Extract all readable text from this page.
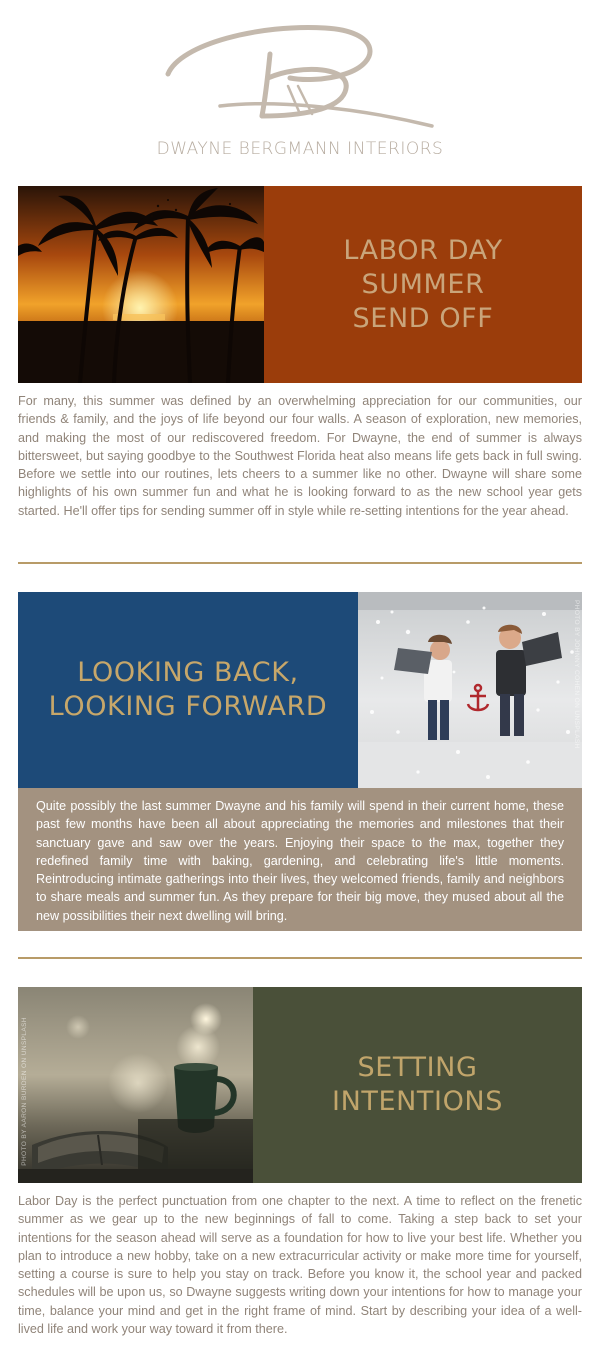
DWAYNE BERGMANN INTERIORS
LABOR DAY
SUMMER
SEND OFF
For many, this summer was defined by an overwhelming appreciation for our communities, our friends & family, and the joys of life beyond our four walls. A season of exploration, new memories, and making the most of our rediscovered freedom. For Dwayne, the end of summer is always bittersweet, but saying goodbye to the Southwest Florida heat also means life gets back in full swing. Before we settle into our routines, lets cheers to a summer like no other. Dwayne will share some highlights of his own summer fun and what he is looking forward to as the new school year gets started. He'll offer tips for sending summer off in style while re-setting intentions for the year ahead.
LOOKING BACK,
LOOKING FORWARD	PHOTO BY JOHNNY COHEN ON UNSPLASH
Quite possibly the last summer Dwayne and his family will spend in their current home, these past few months have been all about appreciating the memories and milestones that their sanctuary gave and saw over the years. Enjoying their space to the max, together they redefined family time with baking, gardening, and celebrating life's little moments. Reintroducing intimate gatherings into their lives, they welcomed friends, family and neighbors to share meals and summer fun. As they prepare for their big move, they mused about all the new possibilities their next dwelling will bring.
PHOTO BY AARON BURDEN ON UNSPLASH	SETTING
INTENTIONS
Labor Day is the perfect punctuation from one chapter to the next. A time to reflect on the frenetic summer as we gear up to the new beginnings of fall to come. Taking a step back to set your intentions for the season ahead will serve as a foundation for how to live your best life. Whether you plan to introduce a new hobby, take on a new extracurricular activity or make more time for yourself, setting a course is sure to help you stay on track. Before you know it, the school year and packed schedules will be upon us, so Dwayne suggests writing down your intentions for how to manage your time, balance your mind and get in the right frame of mind. Start by describing your idea of a well-lived life and work your way toward it from there.
